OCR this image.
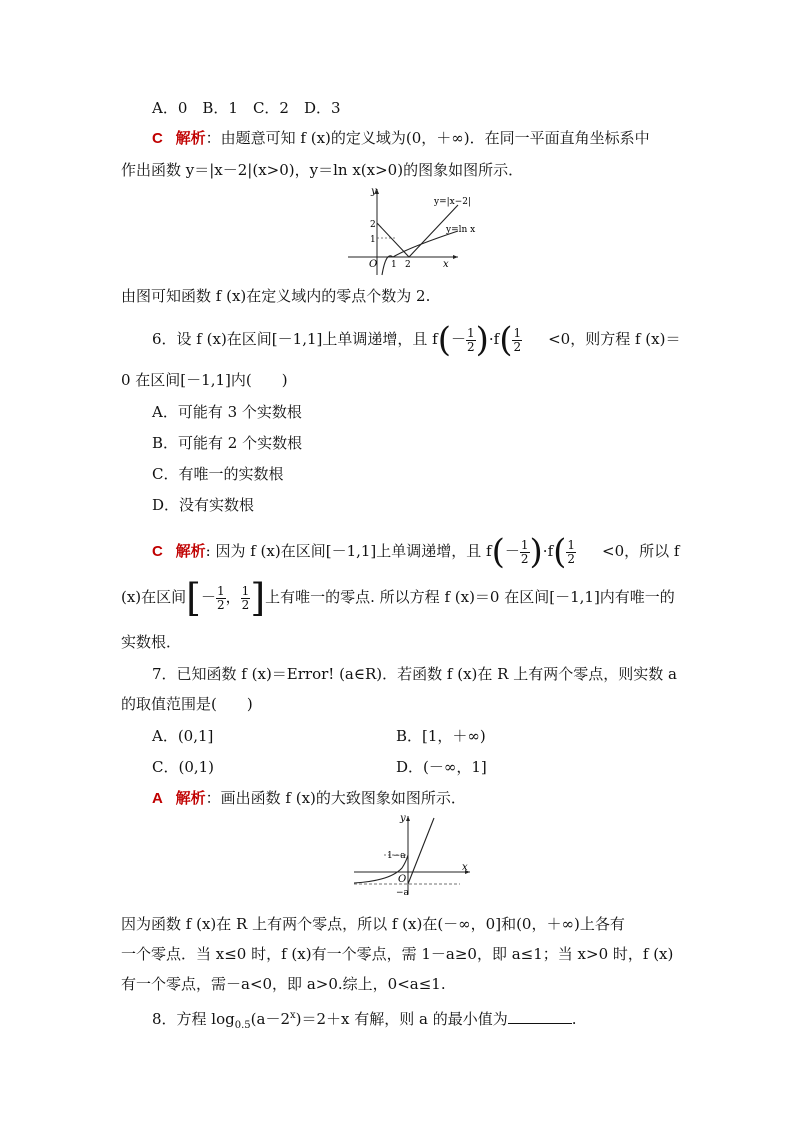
A．0　B．1　C．2　D．3
C 解析：由题意可知 f (x)的定义域为(0，＋∞)．在同一平面直角坐标系中
作出函数 y＝|x－2|(x>0)，y＝ln x(x>0)的图象如图所示．
y
x
O 1 2
1
2
y=|x−2|
y=ln x
由图可知函数 f (x)在定义域内的零点个数为 2.
6．设 f (x)在区间[－1,1]上单调递增，且 $f(- \frac{1}{2} )\cdot f( \frac{1}{2} <0$，则方程 f (x)＝
0 在区间[－1,1]内(　　)
A．可能有 3 个实数根
B．可能有 2 个实数根
C．有唯一的实数根
D．没有实数根
C 解析: 因为 f (x)在区间[－1,1]上单调递增，且 $f(- \frac{1}{2} )\cdot f( \frac{1}{2} <0$，所以 f
(x)在区间[－ $\frac{1}{2}$ ， $\frac{1}{2}$ ]上有唯一的零点. 所以方程 f (x)＝0 在区间[－1,1]内有唯一的
实数根．
7．已知函数 f (x)＝Error! (a∈R)．若函数 f (x)在 R 上有两个零点，则实数 a
的取值范围是(　　)
A．(0,1]	B．[1，＋∞)
C．(0,1)	D．(－∞，1]
A 解析：画出函数 f (x)的大致图象如图所示．
y
x
O
1−a
−a
因为函数 f (x)在 R 上有两个零点，所以 f (x)在(－∞，0]和(0，＋∞)上各有
一个零点．当 x≤0 时，f (x)有一个零点，需 1－a≥0，即 a≤1；当 x>0 时，f (x)
有一个零点，需－a<0，即 a>0.综上，0<a≤1.
8．方程 $\log_{0.5}(a-2^x)=2+x$ 有解，则 a 的最小值为	.
